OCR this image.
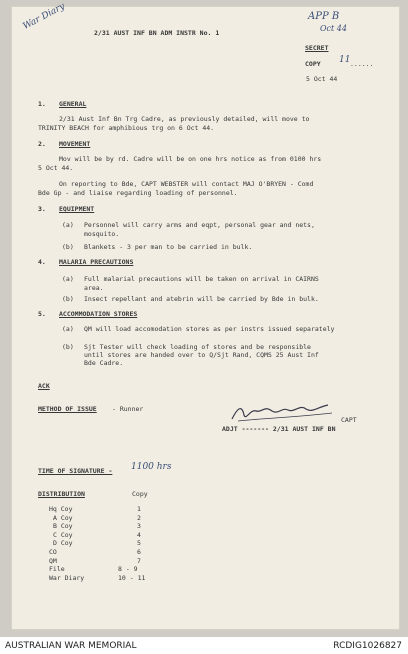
War Diary	APP B
Oct 44
2/31 AUST INF BN ADM INSTR No. 1
SECRET
COPY 11 ......
5 Oct 44
1. GENERAL
2/31 Aust Inf Bn Trg Cadre, as previously detailed, will move to
TRINITY BEACH for amphibious trg on 6 Oct 44.
2. MOVEMENT
Mov will be by rd. Cadre will be on one hrs notice as from 0100 hrs
5 Oct 44.
On reporting to Bde, CAPT WEBSTER will contact MAJ O'BRYEN - Comd
Bde Gp - and liaise regarding loading of personnel.
3. EQUIPMENT
(a) Personnel will carry arms and eqpt, personal gear and nets,
mosquito.
(b) Blankets - 3 per man to be carried in bulk.
4. MALARIA PRECAUTIONS
(a) Full malarial precautions will be taken on arrival in CAIRNS
area.
(b) Insect repellant and atebrin will be carried by Bde in bulk.
5. ACCOMMODATION STORES
(a) QM will load accomodation stores as per instrs issued separately
(b) Sjt Tester will check loading of stores and be responsible
until stores are handed over to Q/Sjt Rand, CQMS 25 Aust Inf
Bde Cadre.
ACK
METHOD OF ISSUE - Runner
CAPT
ADJT ------- 2/31 AUST INF BN
TIME OF SIGNATURE - 1100 hrs
DISTRIBUTION	Copy
Hq Coy	1
A Coy	2
B Coy	3
C Coy	4
D Coy	5
CO	6
QM	7
File	8 - 9
War Diary	10 - 11
AUSTRALIAN WAR MEMORIAL	RCDIG1026827
